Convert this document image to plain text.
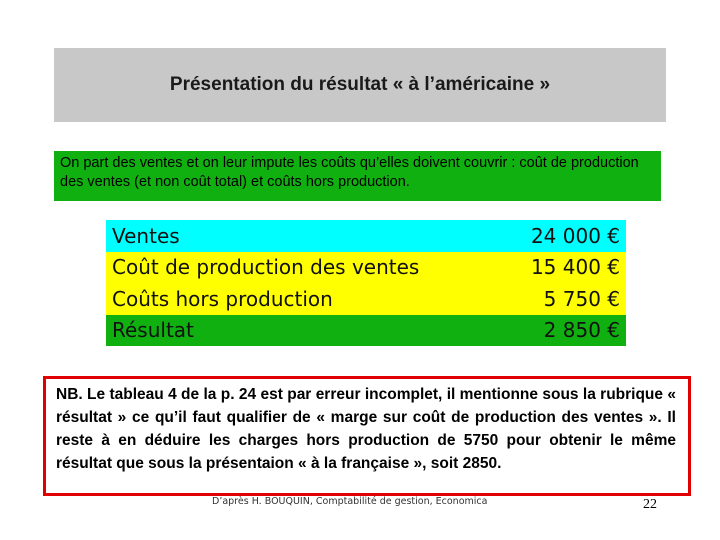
Présentation du résultat « à l’américaine »
On part des ventes et on leur impute les coûts qu’elles doivent couvrir : coût de production des ventes (et non coût total) et coûts hors production.
Ventes	24 000 €
Coût de production des ventes	15 400 €
Coûts hors production	5 750 €
Résultat	2 850 €

NB. Le tableau 4 de la p. 24 est par erreur incomplet, il mentionne sous la rubrique « résultat » ce qu’il faut qualifier de « marge sur coût de production des ventes ». Il reste à en déduire les charges hors production de 5750 pour obtenir le même résultat que sous la présentaion « à la française », soit 2850.

D’après H. BOUQUIN, Comptabilité de gestion, Economica	22
